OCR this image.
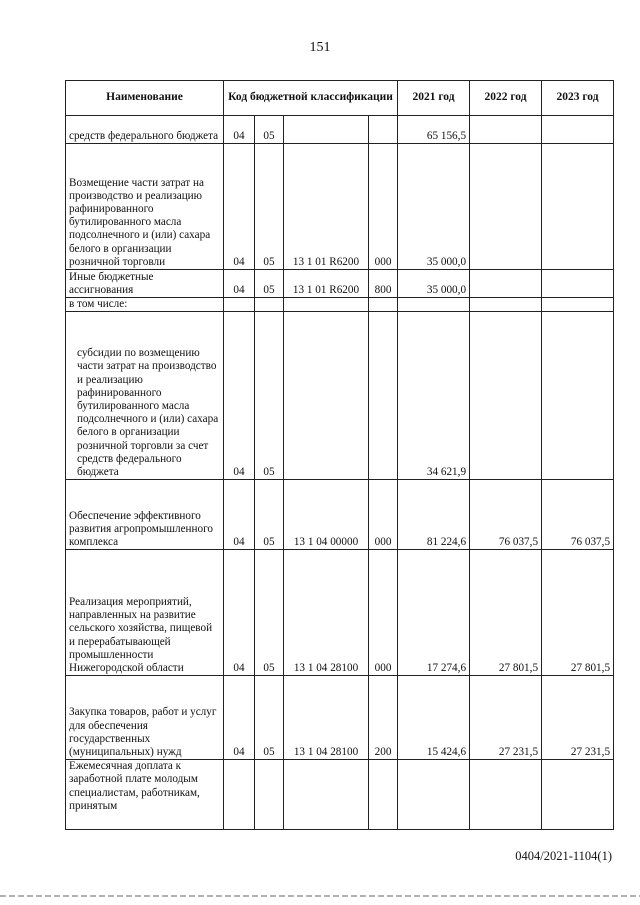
151
Наименование	Код бюджетной классификации				2021 год	2022 год	2023 год
средств федерального бюджета	04	05			65 156,5		
Возмещение части затрат на производство и реализацию рафинированного бутилированного масла подсолнечного и (или) сахара белого в организации розничной торговли	04	05	13 1 01 R6200	000	35 000,0		
Иные бюджетные ассигнования	04	05	13 1 01 R6200	800	35 000,0		
в том числе:							

субсидии по возмещению части затрат на производство и реализацию рафинированного бутилированного масла подсолнечного и (или) сахара белого в организации розничной торговли за счет средств федерального бюджета	04	05			34 621,9		
Обеспечение эффективного развития агропромышленного комплекса	04	05	13 1 04 00000	000	81 224,6	76 037,5	76 037,5
Реализация мероприятий, направленных на развитие сельского хозяйства, пищевой и перерабатывающей промышленности Нижегородской области	04	05	13 1 04 28100	000	17 274,6	27 801,5	27 801,5
Закупка товаров, работ и услуг для обеспечения государственных (муниципальных) нужд	04	05	13 1 04 28100	200	15 424,6	27 231,5	27 231,5
Ежемесячная доплата к заработной плате молодым специалистам, работникам, принятым							
0404/2021-1104(1)
